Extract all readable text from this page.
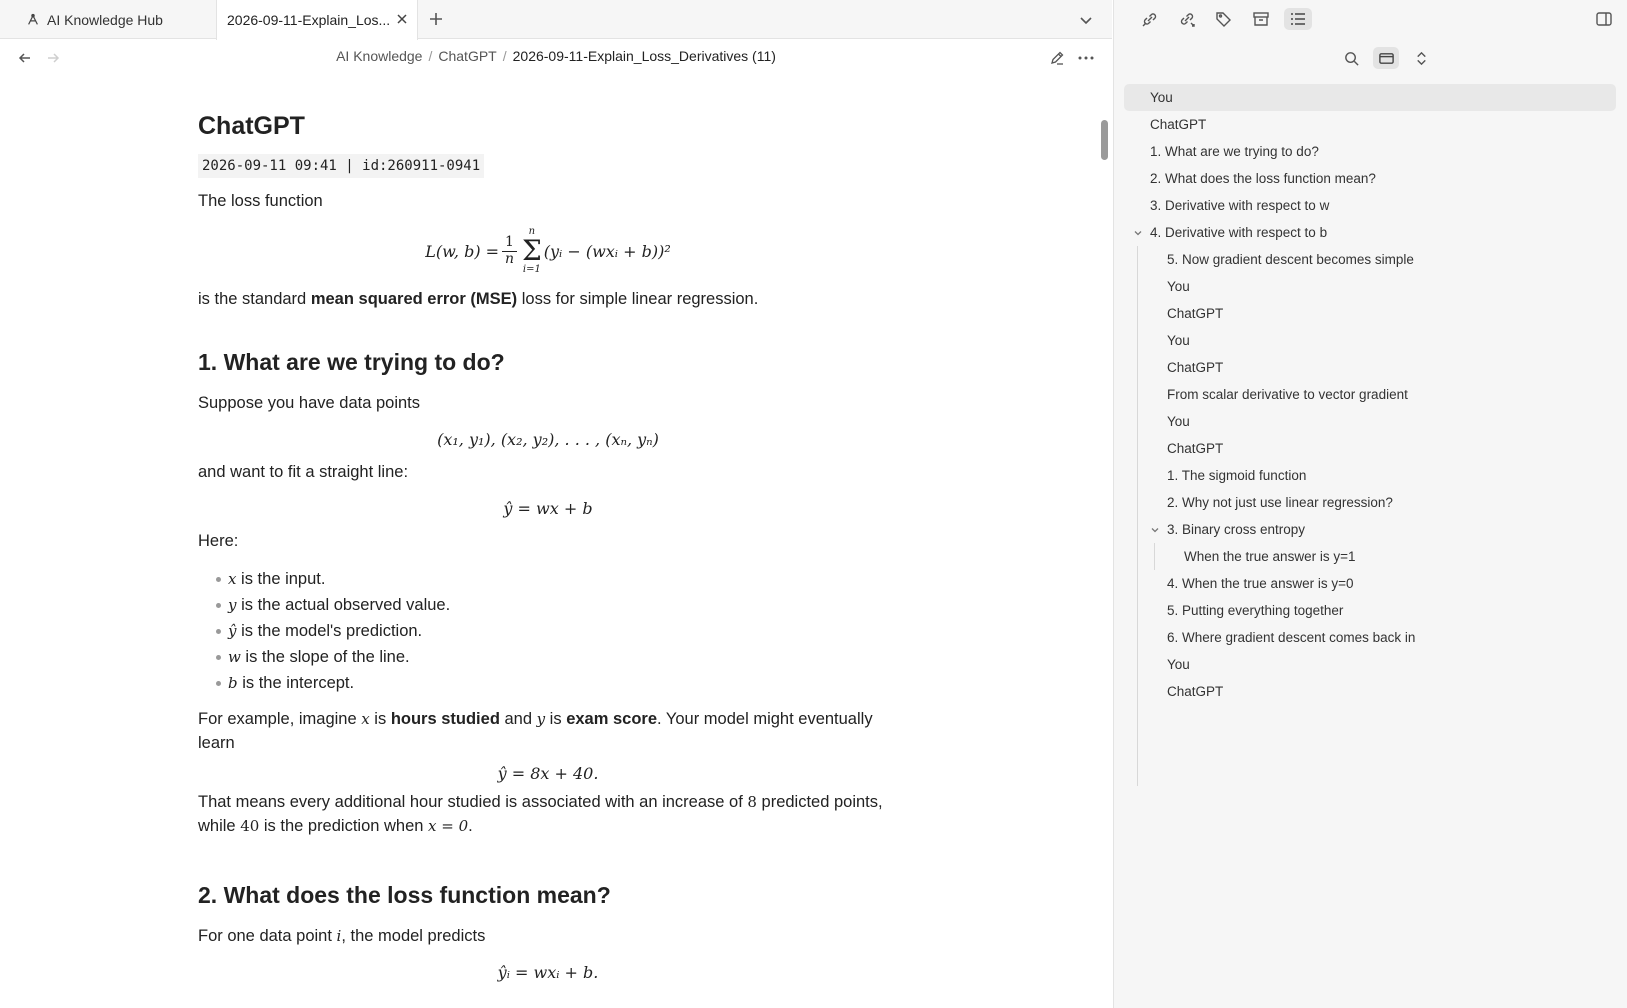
AI Knowledge Hub	2026-09-11-Explain_Los...
AI Knowledge / ChatGPT / 2026-09-11-Explain_Loss_Derivatives (11)
ChatGPT
2026-09-11 09:41 | id:260911-0941
The loss function
L(w, $b) = \frac{1}{n}$
n
Σ
i=1
(yᵢ − (wxᵢ + b))²
is the standard mean squared error (MSE) loss for simple linear regression.
1. What are we trying to do?
Suppose you have data points
(x₁, y₁), (x₂, y₂), . . . , (xₙ, yₙ)
and want to fit a straight line:
ŷ = wx + b
Here:
x is the input.
y is the actual observed value.
ŷ is the model's prediction.
w is the slope of the line.
b is the intercept.
For example, imagine x is hours studied and y is exam score. Your model might eventually learn
ŷ = 8x + 40.
That means every additional hour studied is associated with an increase of 8 predicted points,
while 40 is the prediction when x = 0.
2. What does the loss function mean?
For one data point i, the model predicts
ŷᵢ = wxᵢ + b.
You
ChatGPT
1. What are we trying to do?
2. What does the loss function mean?
3. Derivative with respect to w
4. Derivative with respect to b
5. Now gradient descent becomes simple
You
ChatGPT
You
ChatGPT
From scalar derivative to vector gradient
You
ChatGPT
1. The sigmoid function
2. Why not just use linear regression?
3. Binary cross entropy
When the true answer is y=1
4. When the true answer is y=0
5. Putting everything together
6. Where gradient descent comes back in
You
ChatGPT
